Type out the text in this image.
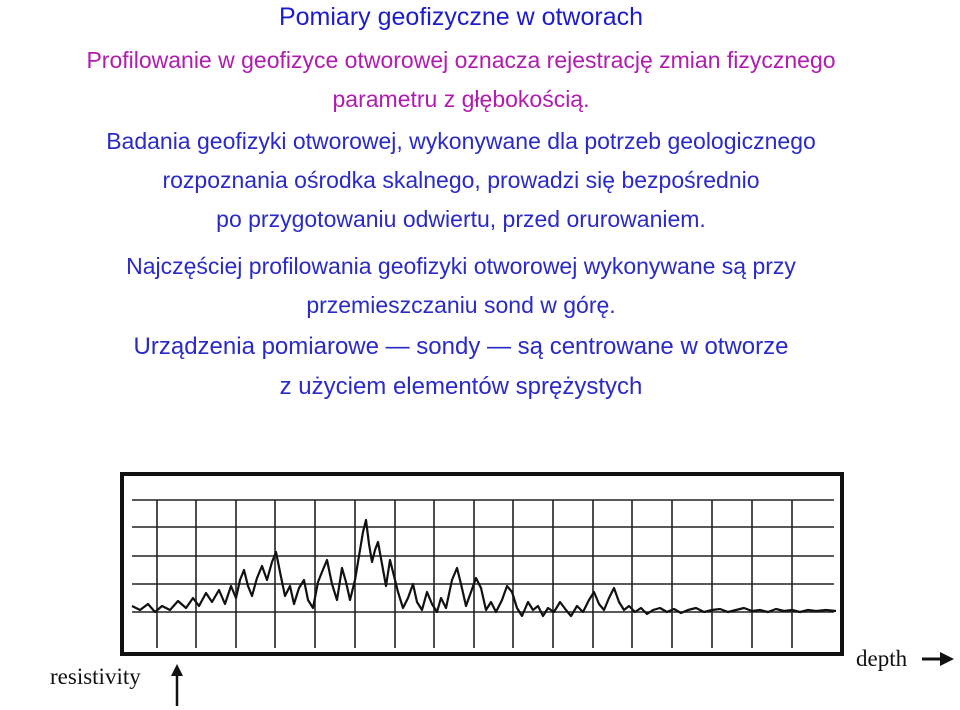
Pomiary geofizyczne w otworach
Profilowanie w geofizyce otworowej oznacza rejestrację zmian fizycznego
parametru z głębokością.
Badania geofizyki otworowej, wykonywane dla potrzeb geologicznego
rozpoznania ośrodka skalnego, prowadzi się bezpośrednio
po przygotowaniu odwiertu, przed orurowaniem.
Najczęściej profilowania geofizyki otworowej wykonywane są przy
przemieszczaniu sond w górę.
Urządzenia pomiarowe — sondy — są centrowane w otworze
z użyciem elementów sprężystych
resistivity
depth
